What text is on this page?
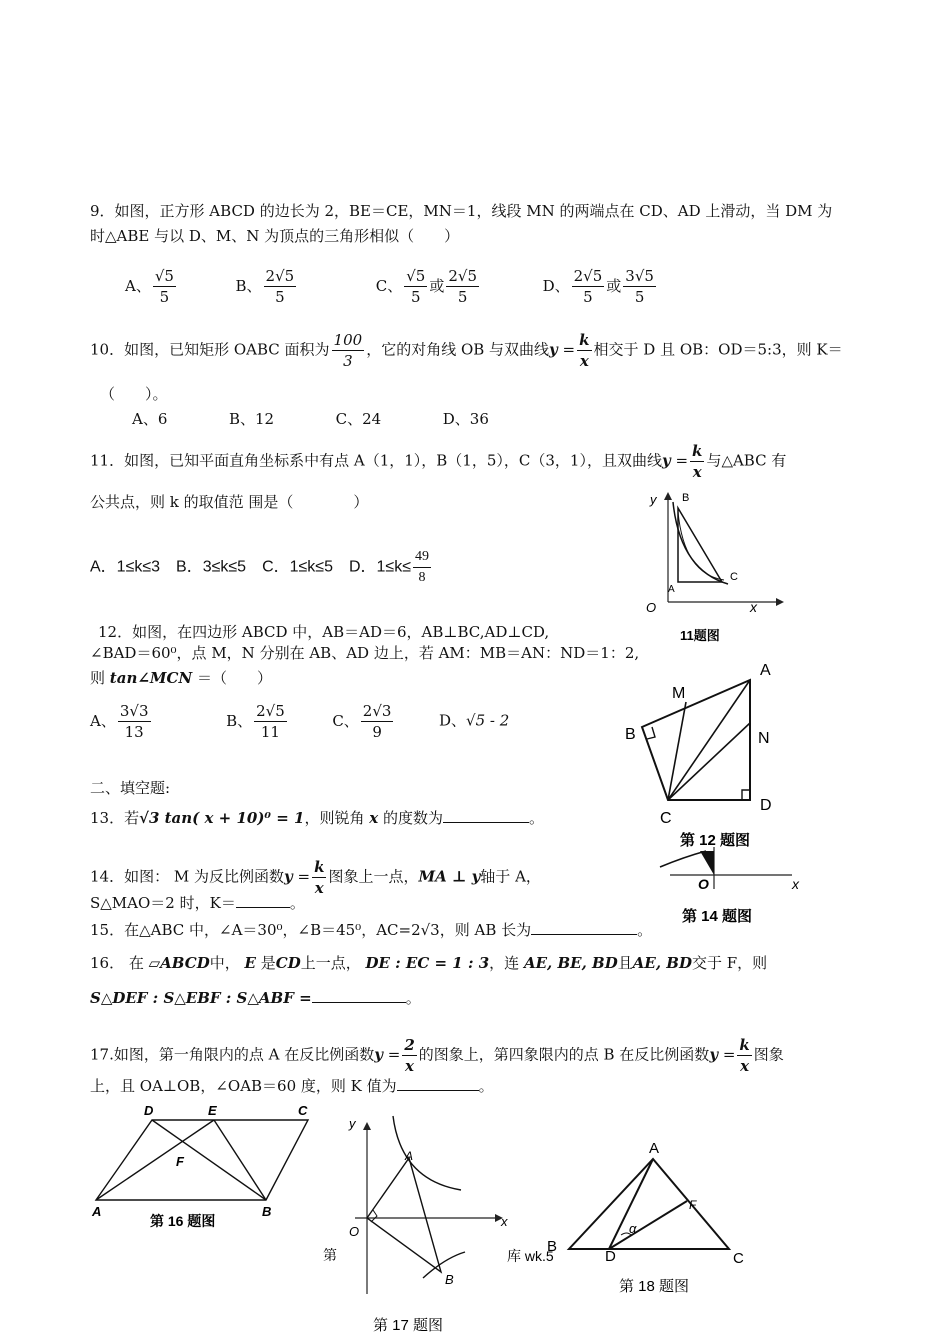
9．如图，正方形 ABCD 的边长为 2，BE＝CE，MN＝1，线段 MN 的两端点在 CD、AD 上滑动，当 DM 为
时△ABE 与以 D、M、N 为顶点的三角形相似（　　）
A、 $\frac{√5}{5}$	B、 $\frac{2√5}{5}$	C、 $\frac{√5}{5}$ 或 $\frac{2√5}{5}$	D、 $\frac{2√5}{5}$ 或 $\frac{3√5}{5}$
10．如图，已知矩形 OABC 面积为 $\frac{100}{3}$ ，它的对角线 OB 与双曲线$y = \frac{k}{x}$ 相交于 D 且 OB：OD＝5:3，则 K＝
（　　）。
A、6	B、12	C、24	D、36
11．如图，已知平面直角坐标系中有点 A（1，1），B（1，5），C（3，1），且双曲线$y = \frac{k}{x}$ 与△ABC 有
公共点，则 k 的取值范 围是（　　　　）
A．1≤k≤3　B．3≤k≤5　C．1≤k≤5　D．$1\le k\le \frac{49}{8}$
12．如图，在四边形 ABCD 中，AB＝AD＝6，AB⊥BC,AD⊥CD,
∠BAD＝60⁰，点 M，N 分别在 AB、AD 边上，若 AM：MB＝AN：ND＝1：2,
则 tan∠MCN ＝（　　）
A、 $\frac{3√3}{13}$	B、 $\frac{2√5}{11}$	C、 $\frac{2√3}{9}$	D、√5 - 2
二、填空题:
13．若√3 tan( x + 10)⁰ = 1，则锐角 x 的度数为	。
14．如图： M 为反比例函数$y = \frac{k}{x}$ 图象上一点，MA ⊥ y轴于 A，
S△MAO＝2 时，K＝	。
15．在△ABC 中，∠A＝30⁰，∠B＝45⁰，AC=2√3，则 AB 长为	。
16． 在 ▱ABCD中， E 是CD上一点， DE : EC = 1 : 3，连 AE, BE, BD且AE, BD交于 F，则
S△DEF : S△EBF : S△ABF =	。
17.如图，第一角限内的点 A 在反比例函数$y = \frac{2}{x}$ 的图象上，第四象限内的点 B 在反比例函数$y = \frac{k}{x}$ 图象
上，且 OA⊥OB，∠OAB＝60 度，则 K 值为	。
y B
C
A
O	x
11题图
A
M
B	N
C
D
第 12 题图
O	x
第 14 题图
D	E	C
F
A	B
第 16 题图
y
A
O
x
B
第
第 17 题图
A
F
α
B
D	C
库 wk.5
第 18 题图
